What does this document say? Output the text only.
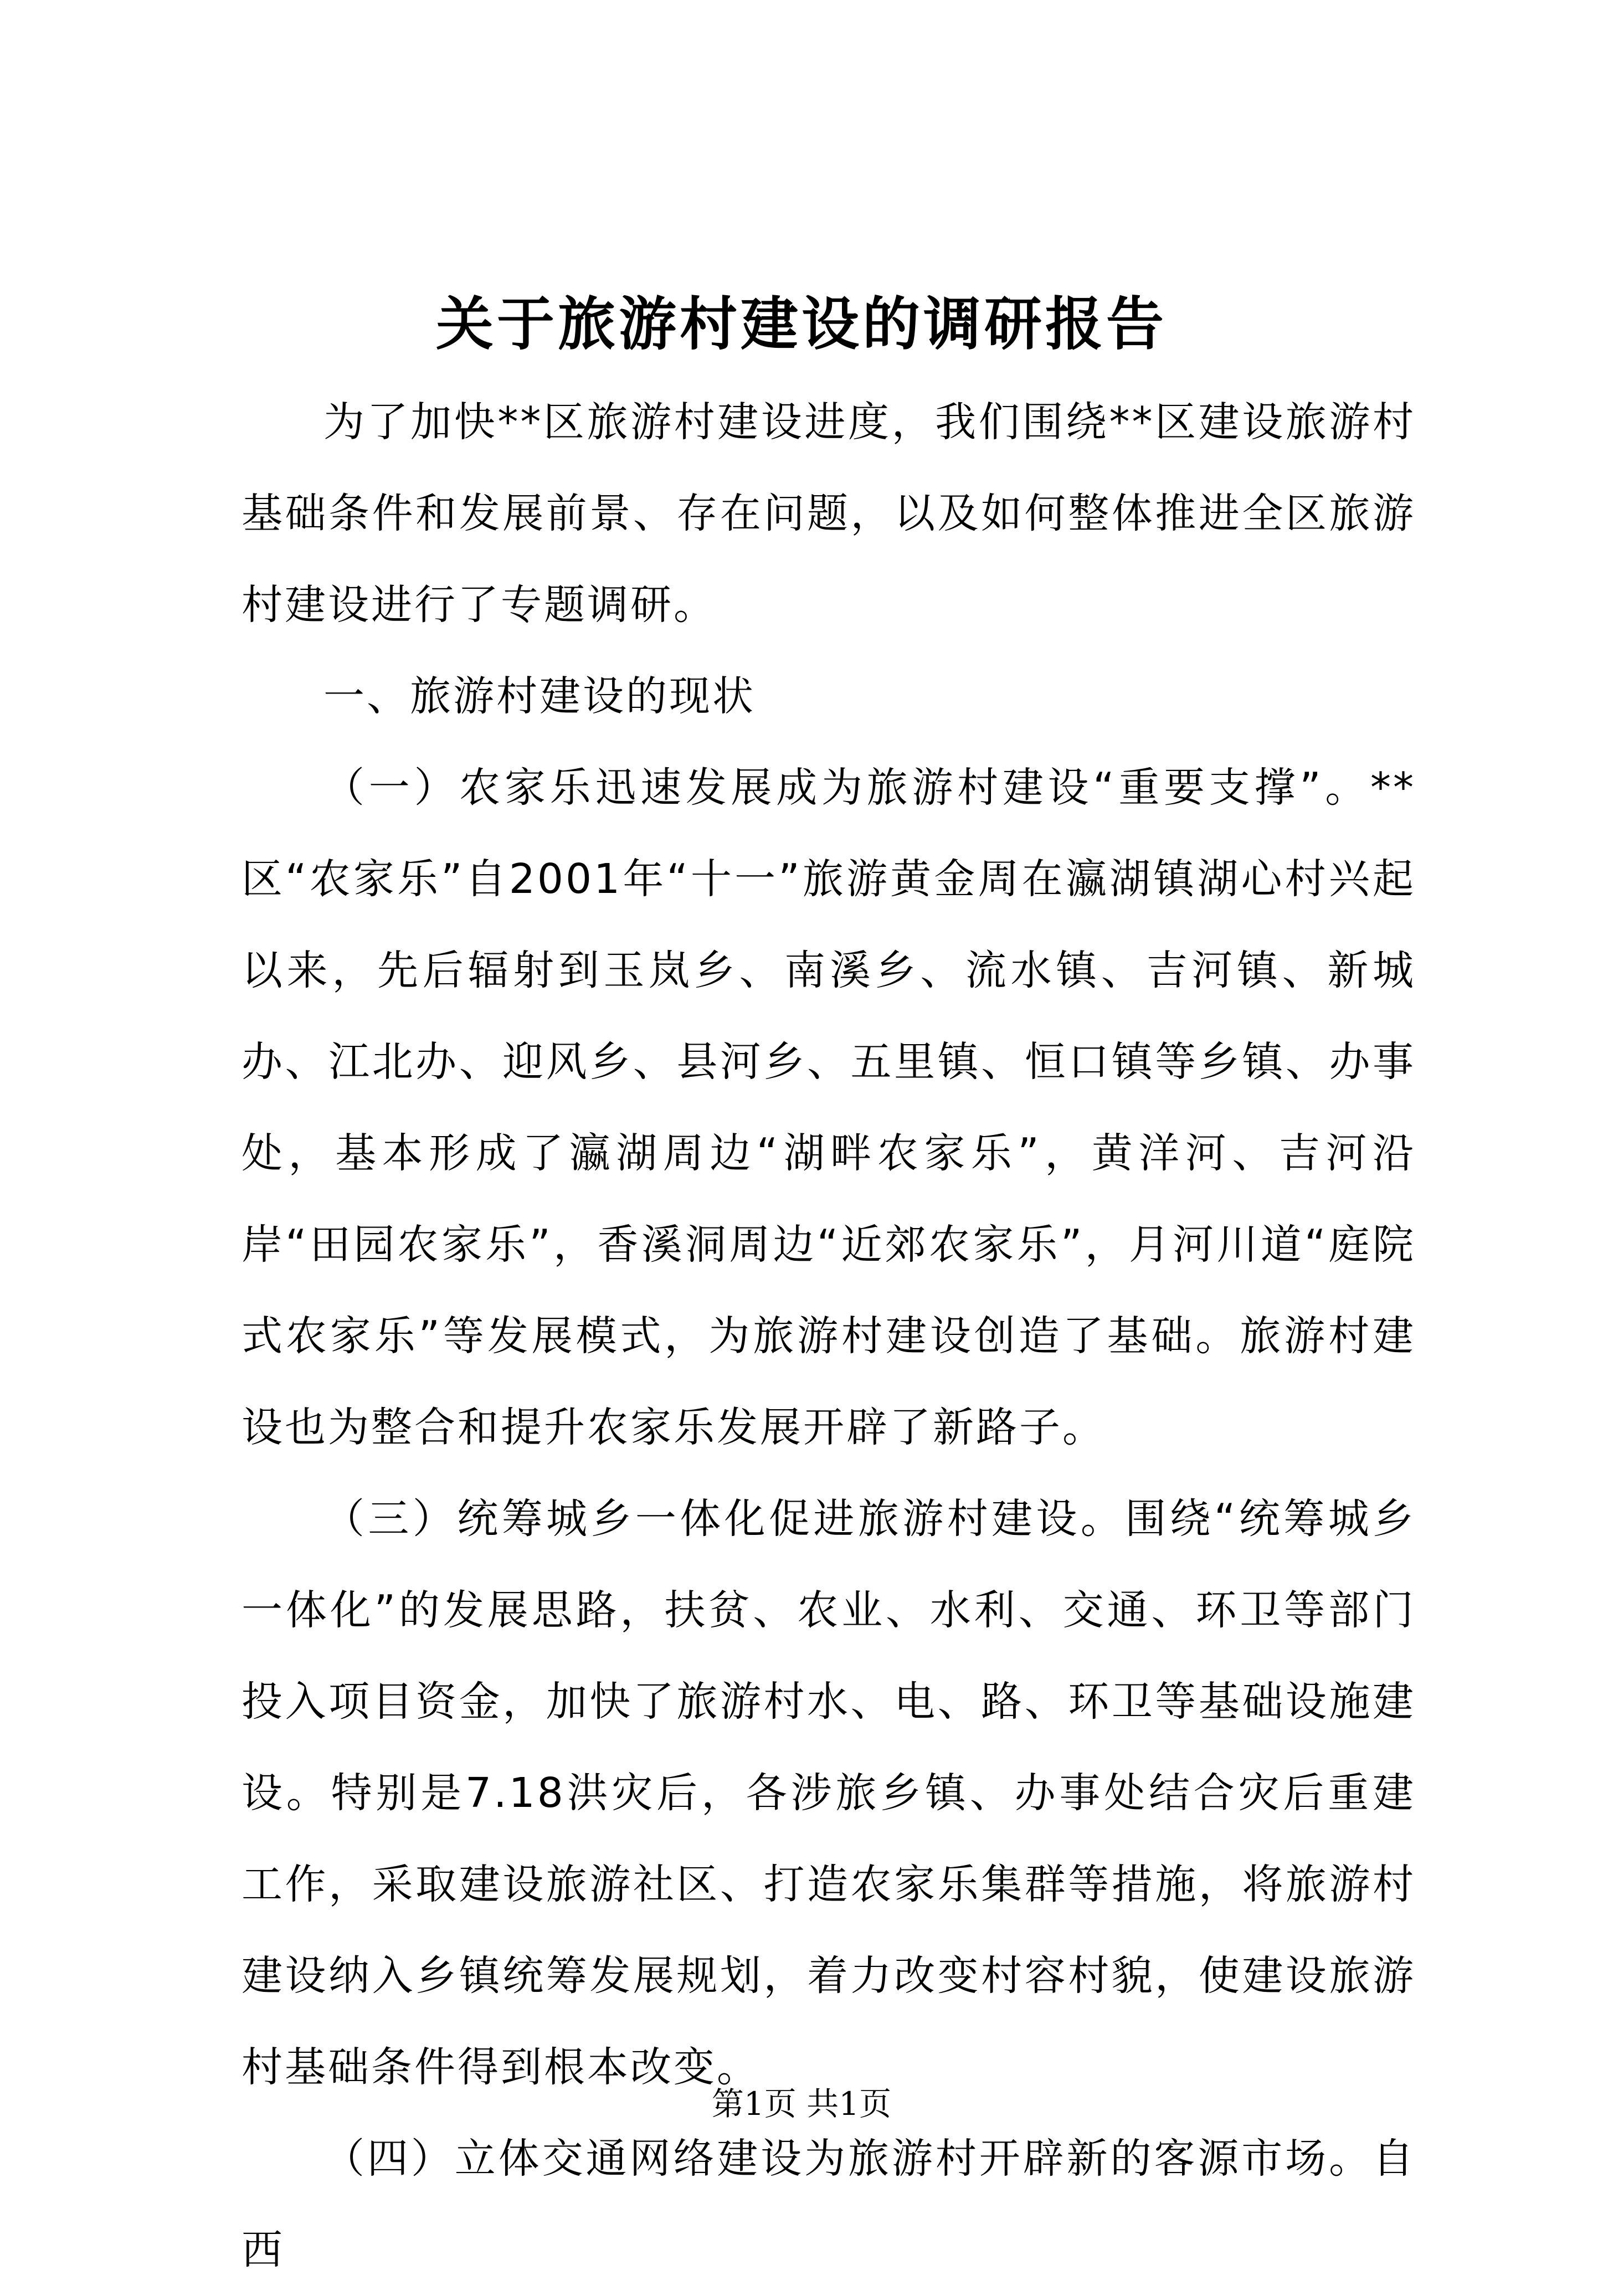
关于旅游村建设的调研报告

为了加快**区旅游村建设进度，我们围绕**区建设旅游村基础条件和发展前景、存在问题，以及如何整体推进全区旅游村建设进行了专题调研。

一、旅游村建设的现状

（一）农家乐迅速发展成为旅游村建设“重要支撑”。**区“农家乐”自2001年“十一”旅游黄金周在瀛湖镇湖心村兴起以来，先后辐射到玉岚乡、南溪乡、流水镇、吉河镇、新城办、江北办、迎风乡、县河乡、五里镇、恒口镇等乡镇、办事处，基本形成了瀛湖周边“湖畔农家乐”，黄洋河、吉河沿岸“田园农家乐”，香溪洞周边“近郊农家乐”，月河川道“庭院式农家乐”等发展模式，为旅游村建设创造了基础。旅游村建设也为整合和提升农家乐发展开辟了新路子。

（三）统筹城乡一体化促进旅游村建设。围绕“统筹城乡一体化”的发展思路，扶贫、农业、水利、交通、环卫等部门投入项目资金，加快了旅游村水、电、路、环卫等基础设施建设。特别是7.18洪灾后，各涉旅乡镇、办事处结合灾后重建工作，采取建设旅游社区、打造农家乐集群等措施，将旅游村建设纳入乡镇统筹发展规划，着力改变村容村貌，使建设旅游村基础条件得到根本改变。

（四）立体交通网络建设为旅游村开辟新的客源市场。自西

第1页 共1页
